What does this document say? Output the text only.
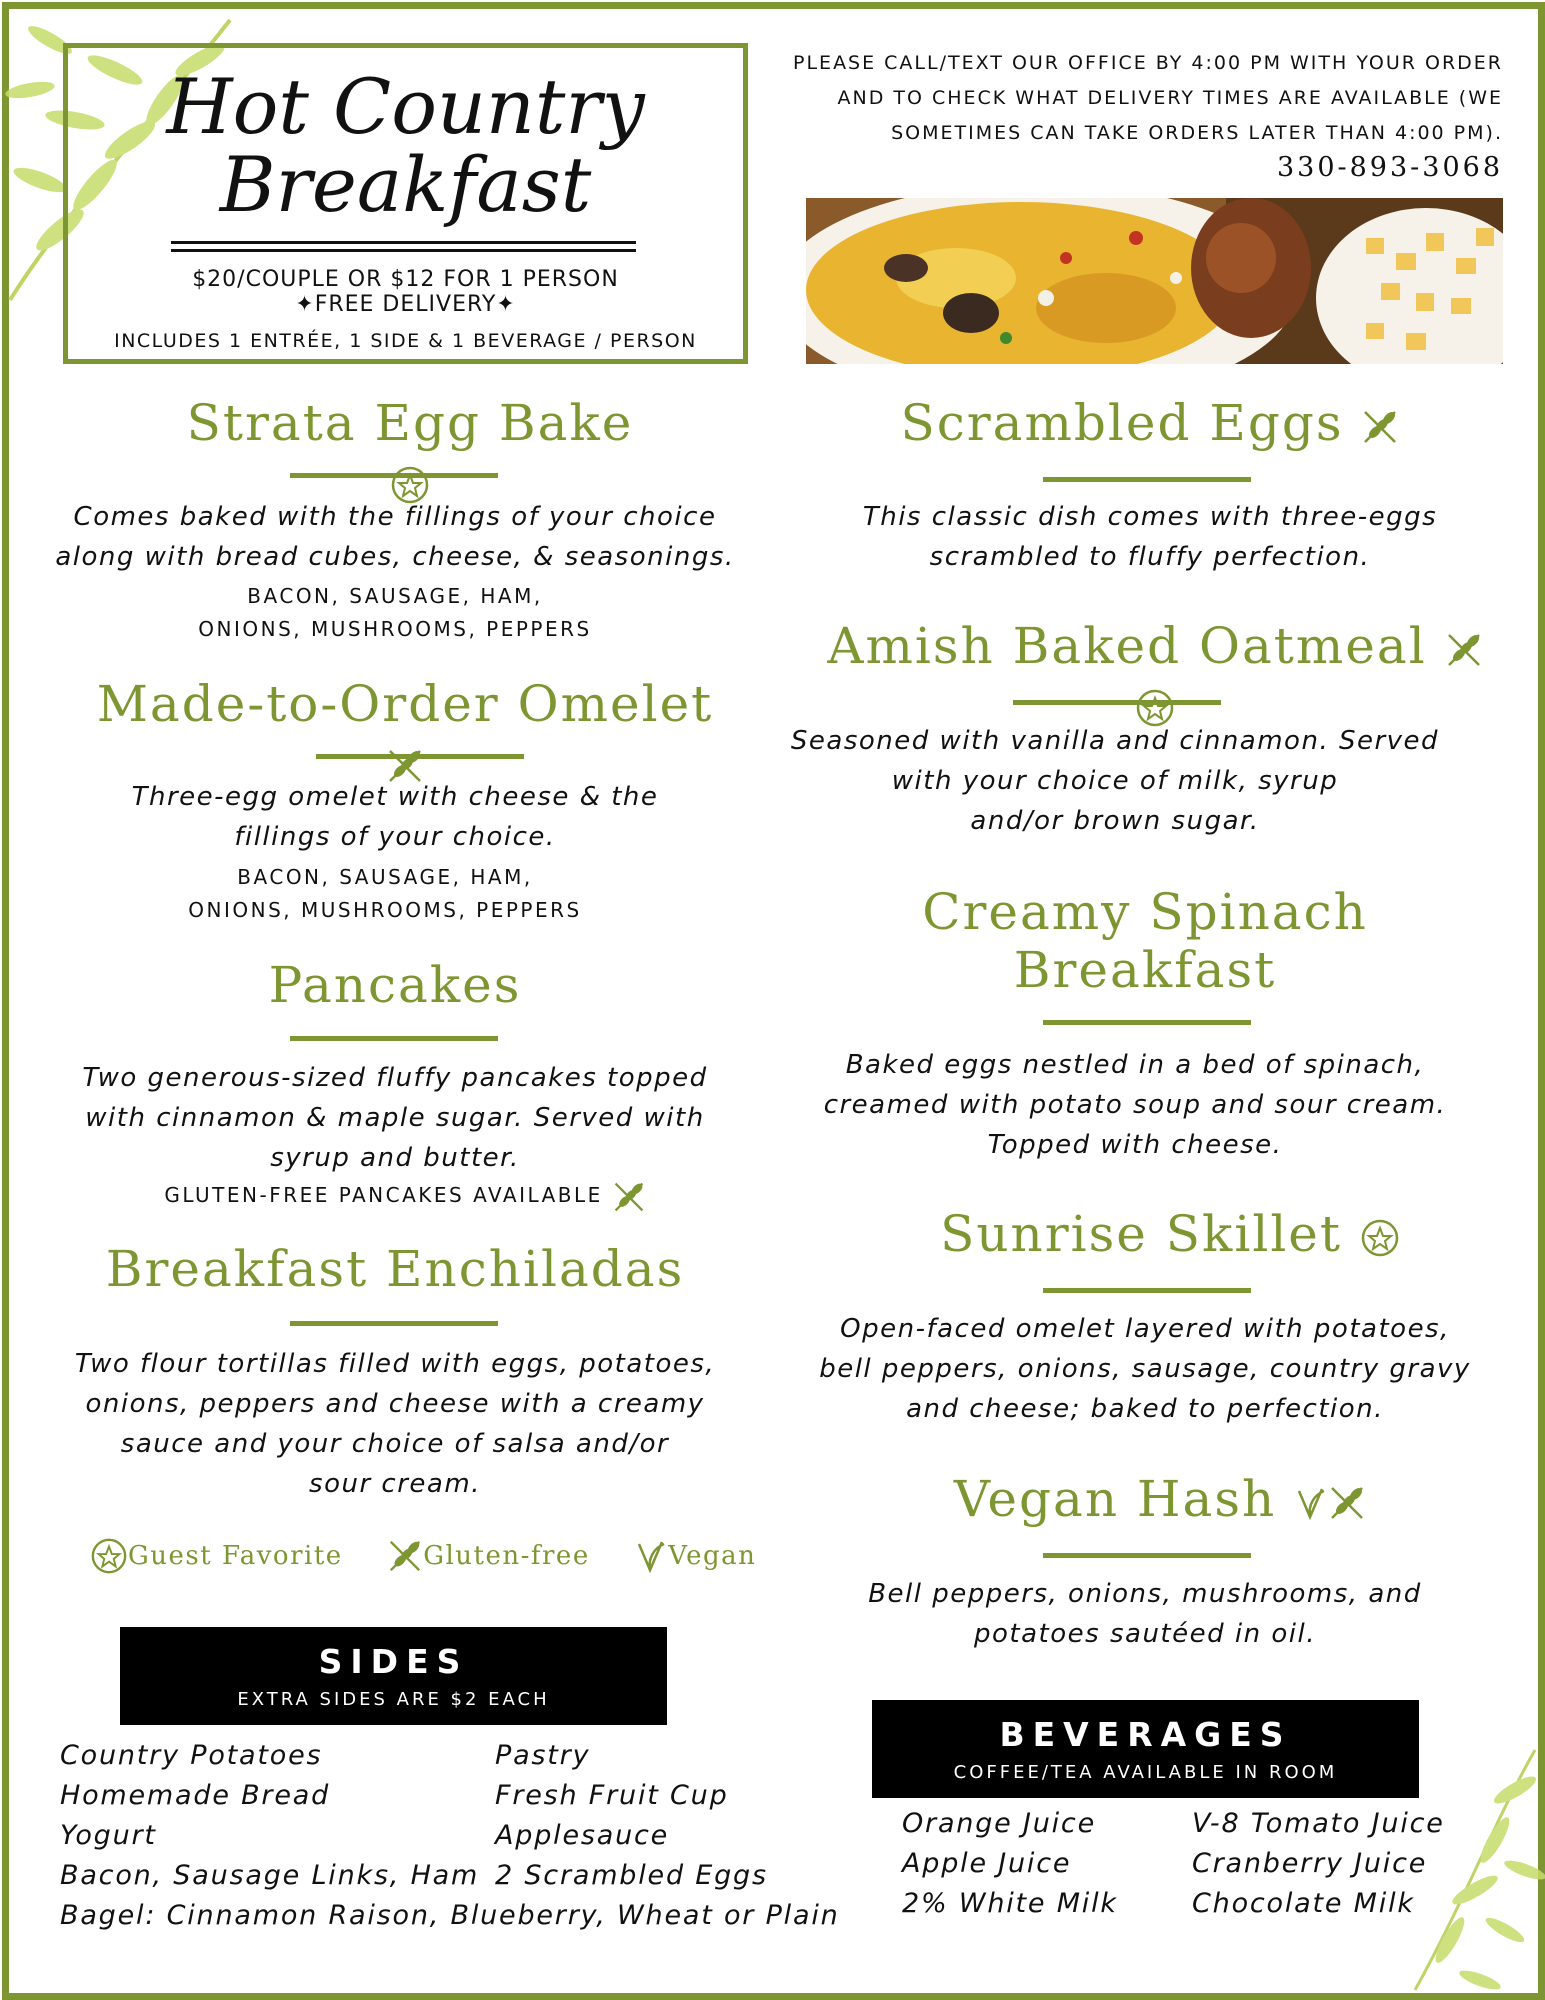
Hot Country
Breakfast
$20/COUPLE OR $12 FOR 1 PERSON
✦FREE DELIVERY✦
INCLUDES 1 ENTRÉE, 1 SIDE & 1 BEVERAGE / PERSON
PLEASE CALL/TEXT OUR OFFICE BY 4:00 PM WITH YOUR ORDER
AND TO CHECK WHAT DELIVERY TIMES ARE AVAILABLE (WE
SOMETIMES CAN TAKE ORDERS LATER THAN 4:00 PM).
330-893-3068
Strata Egg Bake
Comes baked with the fillings of your choice
along with bread cubes, cheese, & seasonings.
BACON, SAUSAGE, HAM,
ONIONS, MUSHROOMS, PEPPERS
Made-to-Order Omelet
Three-egg omelet with cheese & the
fillings of your choice.
BACON, SAUSAGE, HAM,
ONIONS, MUSHROOMS, PEPPERS
Pancakes
Two generous-sized fluffy pancakes topped
with cinnamon & maple sugar. Served with
syrup and butter.
GLUTEN-FREE PANCAKES AVAILABLE
Breakfast Enchiladas
Two flour tortillas filled with eggs, potatoes,
onions, peppers and cheese with a creamy
sauce and your choice of salsa and/or
sour cream.
Guest Favorite	Gluten-free	Vegan
SIDES
EXTRA SIDES ARE $2 EACH
Country Potatoes
Homemade Bread
Yogurt
Bacon, Sausage Links, Ham
Bagel: Cinnamon Raison, Blueberry, Wheat or Plain
Pastry
Fresh Fruit Cup
Applesauce
2 Scrambled Eggs
Scrambled Eggs
This classic dish comes with three-eggs
scrambled to fluffy perfection.
Amish Baked Oatmeal
Seasoned with vanilla and cinnamon. Served
with your choice of milk, syrup
and/or brown sugar.
Creamy Spinach
Breakfast
Baked eggs nestled in a bed of spinach,
creamed with potato soup and sour cream.
Topped with cheese.
Sunrise Skillet
Open-faced omelet layered with potatoes,
bell peppers, onions, sausage, country gravy
and cheese; baked to perfection.
Vegan Hash
Bell peppers, onions, mushrooms, and
potatoes sautéed in oil.
BEVERAGES
COFFEE/TEA AVAILABLE IN ROOM
Orange Juice
Apple Juice
2% White Milk
V-8 Tomato Juice
Cranberry Juice
Chocolate Milk
